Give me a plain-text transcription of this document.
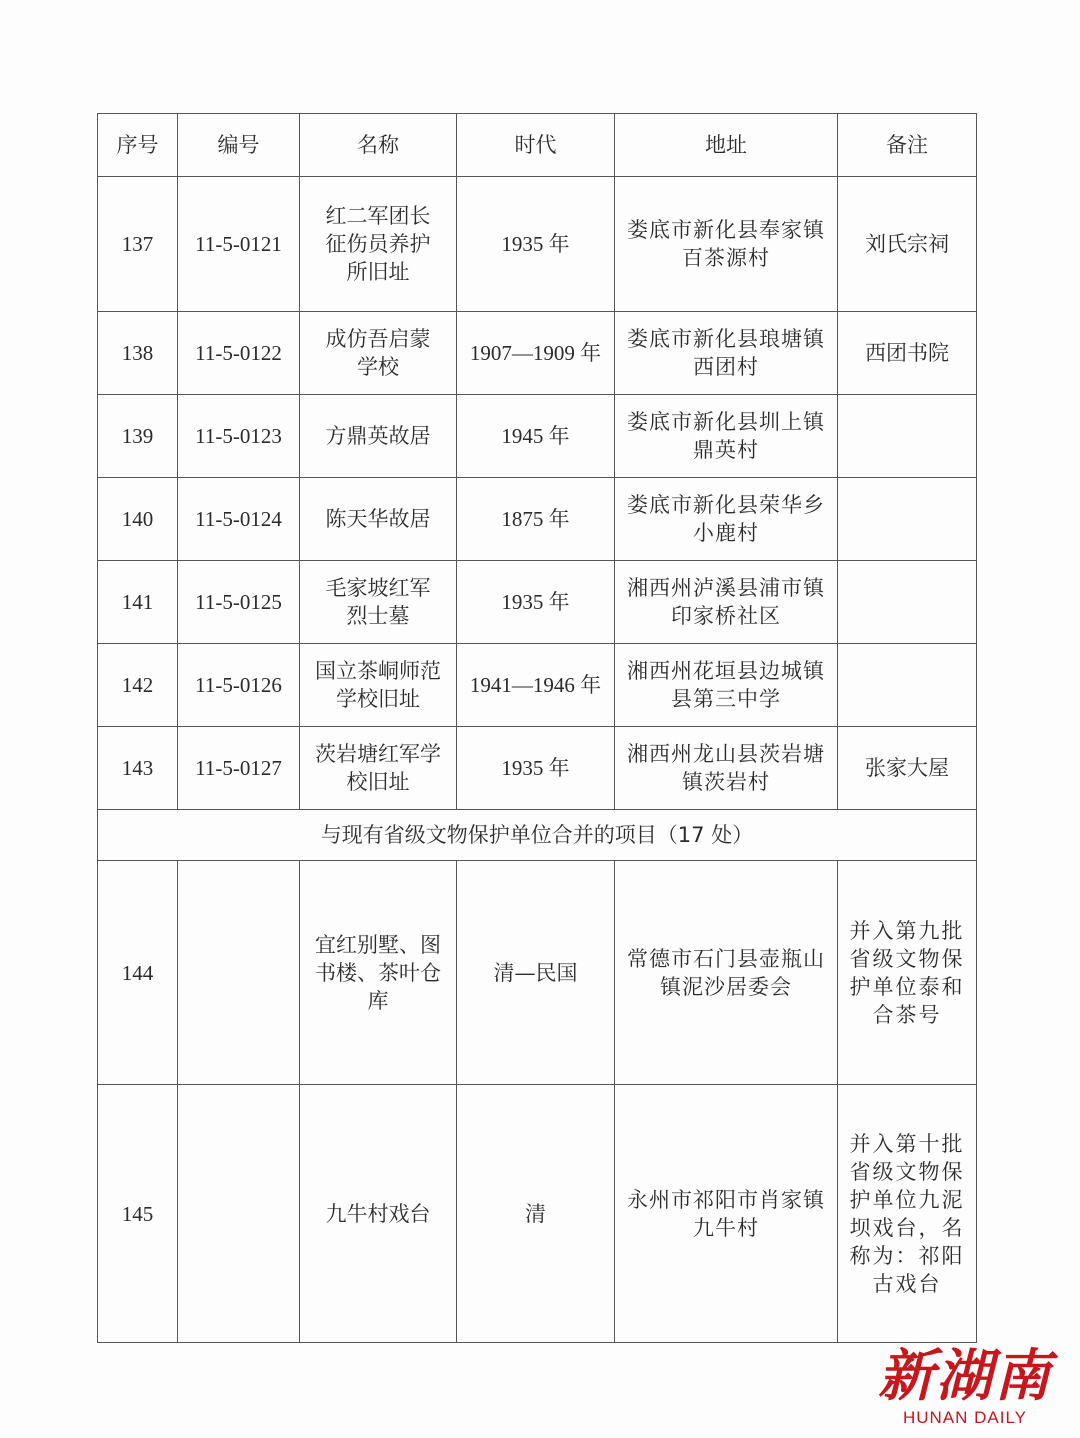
序号	编号	名称	时代	地址	备注
137	11-5-0121	红二军团长征伤员养护所旧址	1935 年	娄底市新化县奉家镇百茶源村	刘氏宗祠
138	11-5-0122	成仿吾启蒙学校	1907—1909 年	娄底市新化县琅塘镇西团村	西团书院
139	11-5-0123	方鼎英故居	1945 年	娄底市新化县圳上镇鼎英村	
140	11-5-0124	陈天华故居	1875 年	娄底市新化县荣华乡小鹿村	
141	11-5-0125	毛家坡红军烈士墓	1935 年	湘西州泸溪县浦市镇印家桥社区	
142	11-5-0126	国立茶峒师范学校旧址	1941—1946 年	湘西州花垣县边城镇县第三中学	
143	11-5-0127	茨岩塘红军学校旧址	1935 年	湘西州龙山县茨岩塘镇茨岩村	张家大屋
与现有省级文物保护单位合并的项目（17 处）					
144		宜红别墅、图书楼、茶叶仓库	清—民国	常德市石门县壶瓶山镇泥沙居委会	并入第九批省级文物保护单位泰和合茶号
145		九牛村戏台	清	永州市祁阳市肖家镇九牛村	并入第十批省级文物保护单位九泥坝戏台，名称为：祁阳古戏台
新湖南
HUNAN DAILY
